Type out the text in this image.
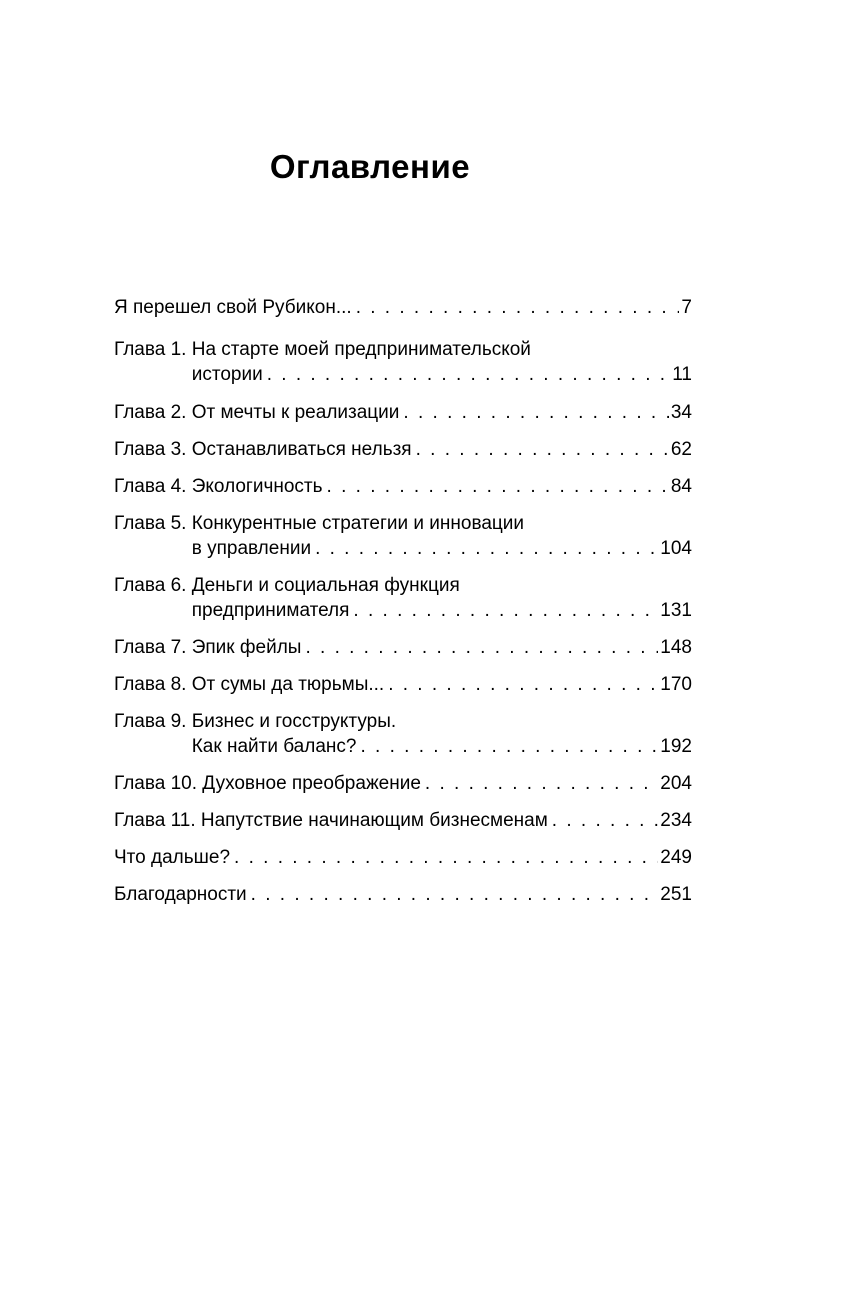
Оглавление
Я перешел свой Рубикон... . . .	7
Глава 1. На старте моей предпринимательской
истории . . .	11
Глава 2. От мечты к реализации . . .	34
Глава 3. Останавливаться нельзя . . .	62
Глава 4. Экологичность . . .	84
Глава 5. Конкурентные стратегии и инновации
в управлении . . .	104
Глава 6. Деньги и социальная функция
предпринимателя . . .	131
Глава 7. Эпик фейлы . . .	148
Глава 8. От сумы да тюрьмы... . . .	170
Глава 9. Бизнес и госструктуры.
Как найти баланс? . . .	192
Глава 10. Духовное преображение . . .	204
Глава 11. Напутствие начинающим бизнесменам . . .	234
Что дальше? . . .	249
Благодарности . . .	251
